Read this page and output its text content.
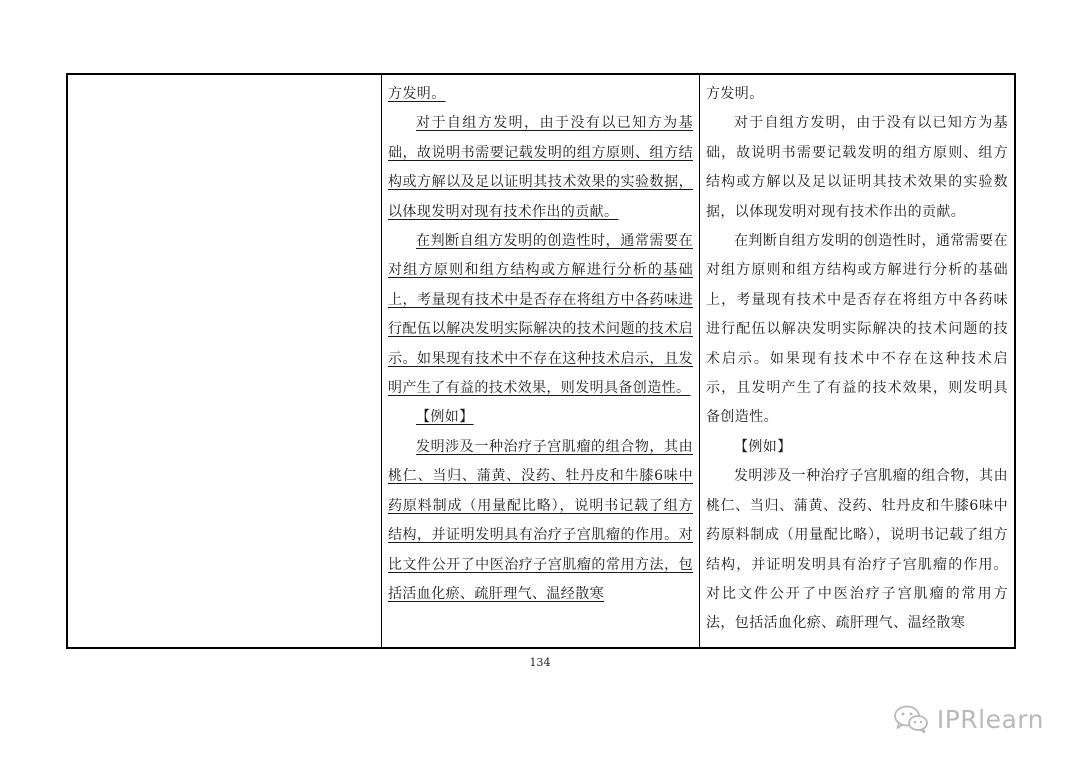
方发明。

对于自组方发明，由于没有以已知方为基础，故说明书需要记载发明的组方原则、组方结构或方解以及足以证明其技术效果的实验数据，以体现发明对现有技术作出的贡献。

在判断自组方发明的创造性时，通常需要在对组方原则和组方结构或方解进行分析的基础上，考量现有技术中是否存在将组方中各药味进行配伍以解决发明实际解决的技术问题的技术启示。如果现有技术中不存在这种技术启示，且发明产生了有益的技术效果，则发明具备创造性。

【例如】

发明涉及一种治疗子宫肌瘤的组合物，其由桃仁、当归、蒲黄、没药、牡丹皮和牛膝6味中药原料制成（用量配比略），说明书记载了组方结构，并证明发明具有治疗子宫肌瘤的作用。对比文件公开了中医治疗子宫肌瘤的常用方法，包括活血化瘀、疏肝理气、温经散寒

方发明。

对于自组方发明，由于没有以已知方为基础，故说明书需要记载发明的组方原则、组方结构或方解以及足以证明其技术效果的实验数据，以体现发明对现有技术作出的贡献。

在判断自组方发明的创造性时，通常需要在对组方原则和组方结构或方解进行分析的基础上，考量现有技术中是否存在将组方中各药味进行配伍以解决发明实际解决的技术问题的技术启示。如果现有技术中不存在这种技术启示，且发明产生了有益的技术效果，则发明具备创造性。

【例如】

发明涉及一种治疗子宫肌瘤的组合物，其由桃仁、当归、蒲黄、没药、牡丹皮和牛膝6味中药原料制成（用量配比略），说明书记载了组方结构，并证明发明具有治疗子宫肌瘤的作用。对比文件公开了中医治疗子宫肌瘤的常用方法，包括活血化瘀、疏肝理气、温经散寒

134
IPRlearn
